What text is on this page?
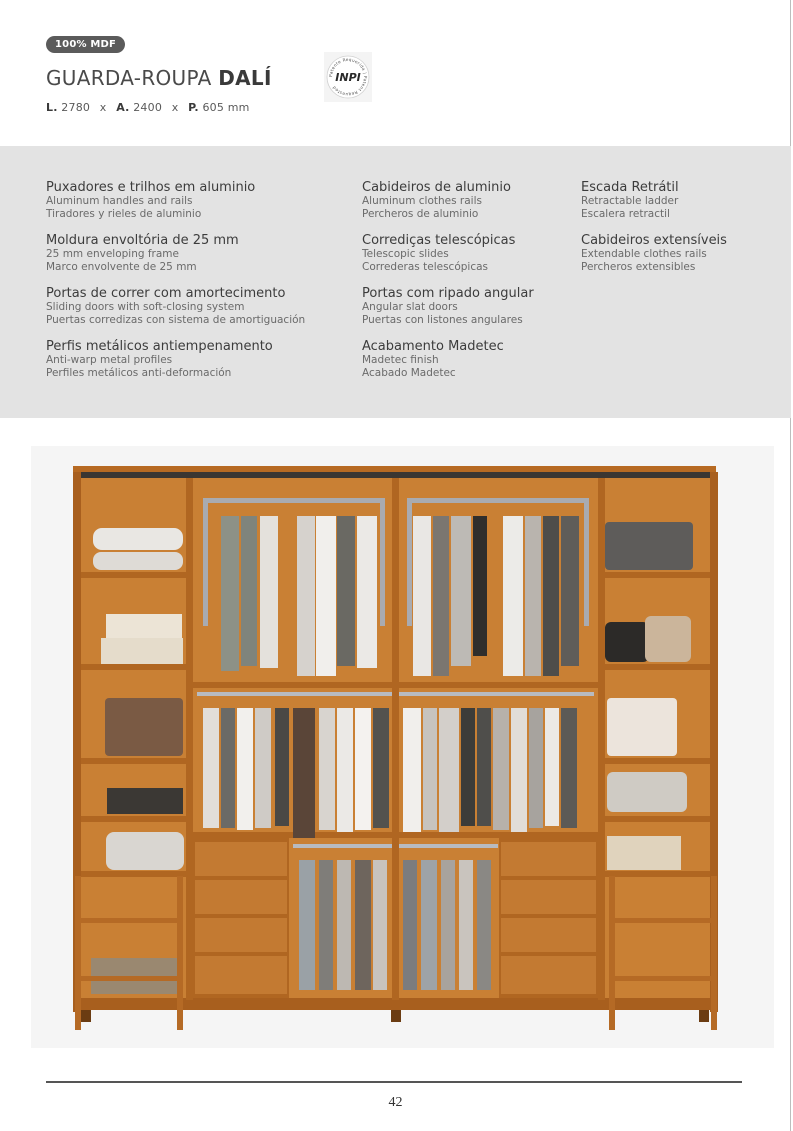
100% MDF
GUARDA-ROUPA DALÍ	Patente Requerida | Patent Requested
INPI
L. 2780 x A. 2400 x P. 605 mm
Puxadores e trilhos em aluminio
Aluminum handles and rails
Tiradores y rieles de aluminio
Moldura envoltória de 25 mm
25 mm enveloping frame
Marco envolvente de 25 mm
Portas de correr com amortecimento
Sliding doors with soft-closing system
Puertas corredizas con sistema de amortiguación
Perfis metálicos antiempenamento
Anti-warp metal profiles
Perfiles metálicos anti-deformación
Cabideiros de aluminio
Aluminum clothes rails
Percheros de aluminio
Corrediças telescópicas
Telescopic slides
Correderas telescópicas
Portas com ripado angular
Angular slat doors
Puertas con listones angulares
Acabamento Madetec
Madetec finish
Acabado Madetec
Escada Retrátil
Retractable ladder
Escalera retractil
Cabideiros extensíveis
Extendable clothes rails
Percheros extensibles
42
